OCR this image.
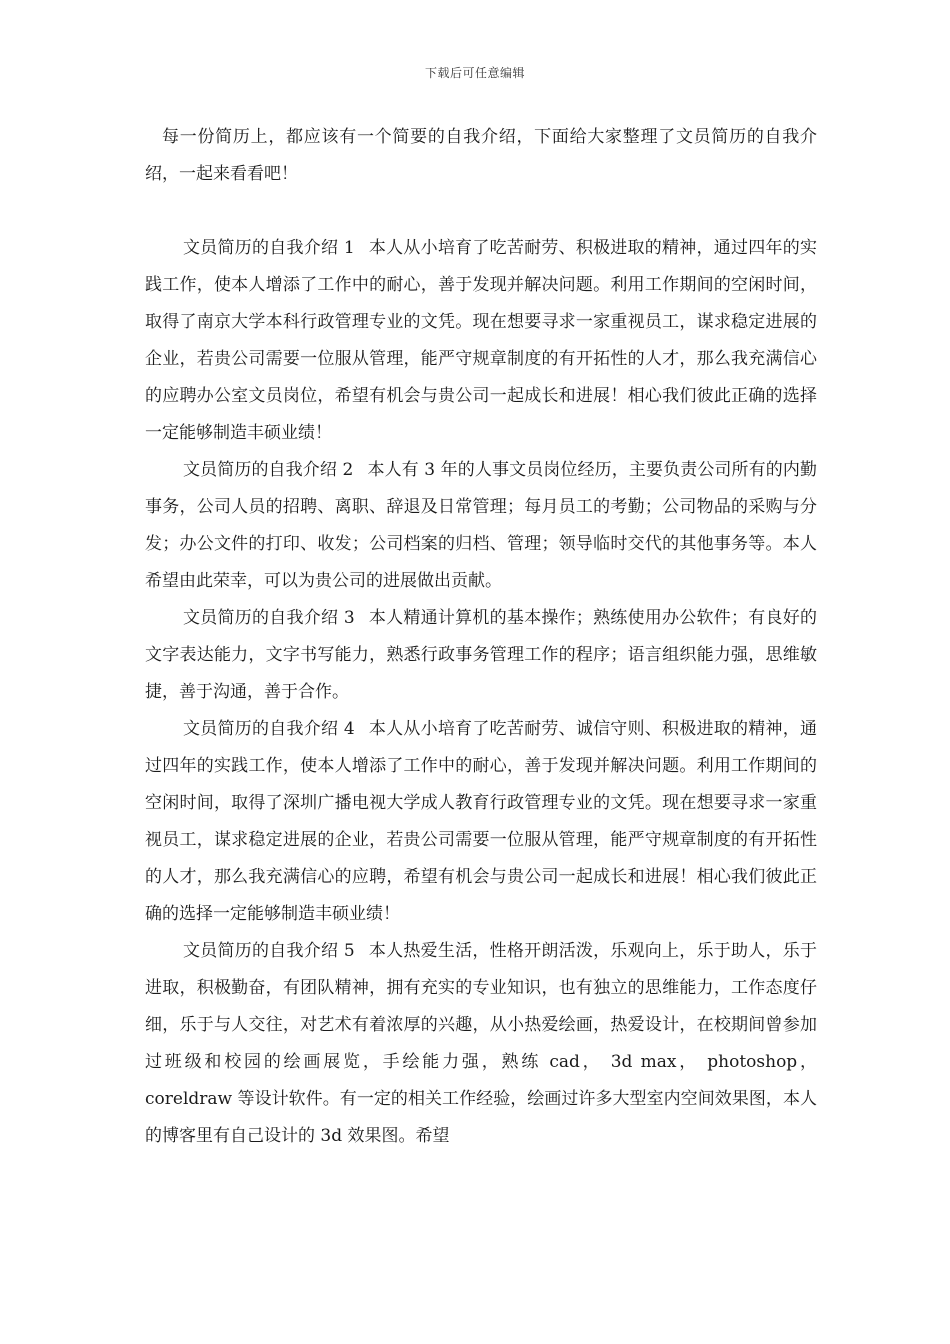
下载后可任意编辑

每一份简历上，都应该有一个简要的自我介绍，下面给大家整理了文员简历的自我介绍，一起来看看吧！

文员简历的自我介绍 1 本人从小培育了吃苦耐劳、积极进取的精神，通过四年的实践工作，使本人增添了工作中的耐心，善于发现并解决问题。利用工作期间的空闲时间，取得了南京大学本科行政管理专业的文凭。现在想要寻求一家重视员工，谋求稳定进展的企业，若贵公司需要一位服从管理，能严守规章制度的有开拓性的人才，那么我充满信心的应聘办公室文员岗位，希望有机会与贵公司一起成长和进展！相心我们彼此正确的选择一定能够制造丰硕业绩！

文员简历的自我介绍 2 本人有 3 年的人事文员岗位经历，主要负责公司所有的内勤事务，公司人员的招聘、离职、辞退及日常管理；每月员工的考勤；公司物品的采购与分发；办公文件的打印、收发；公司档案的归档、管理；领导临时交代的其他事务等。本人希望由此荣幸，可以为贵公司的进展做出贡献。

文员简历的自我介绍 3 本人精通计算机的基本操作；熟练使用办公软件；有良好的文字表达能力，文字书写能力，熟悉行政事务管理工作的程序；语言组织能力强，思维敏捷，善于沟通，善于合作。

文员简历的自我介绍 4 本人从小培育了吃苦耐劳、诚信守则、积极进取的精神，通过四年的实践工作，使本人增添了工作中的耐心，善于发现并解决问题。利用工作期间的空闲时间，取得了深圳广播电视大学成人教育行政管理专业的文凭。现在想要寻求一家重视员工，谋求稳定进展的企业，若贵公司需要一位服从管理，能严守规章制度的有开拓性的人才，那么我充满信心的应聘，希望有机会与贵公司一起成长和进展！相心我们彼此正确的选择一定能够制造丰硕业绩！

文员简历的自我介绍 5 本人热爱生活，性格开朗活泼，乐观向上，乐于助人，乐于进取，积极勤奋，有团队精神，拥有充实的专业知识，也有独立的思维能力，工作态度仔细，乐于与人交往，对艺术有着浓厚的兴趣，从小热爱绘画，热爱设计，在校期间曾参加过班级和校园的绘画展览，手绘能力强，熟练 cad， 3d max， photoshop，coreldraw 等设计软件。有一定的相关工作经验，绘画过许多大型室内空间效果图，本人的博客里有自己设计的 3d 效果图。希望
